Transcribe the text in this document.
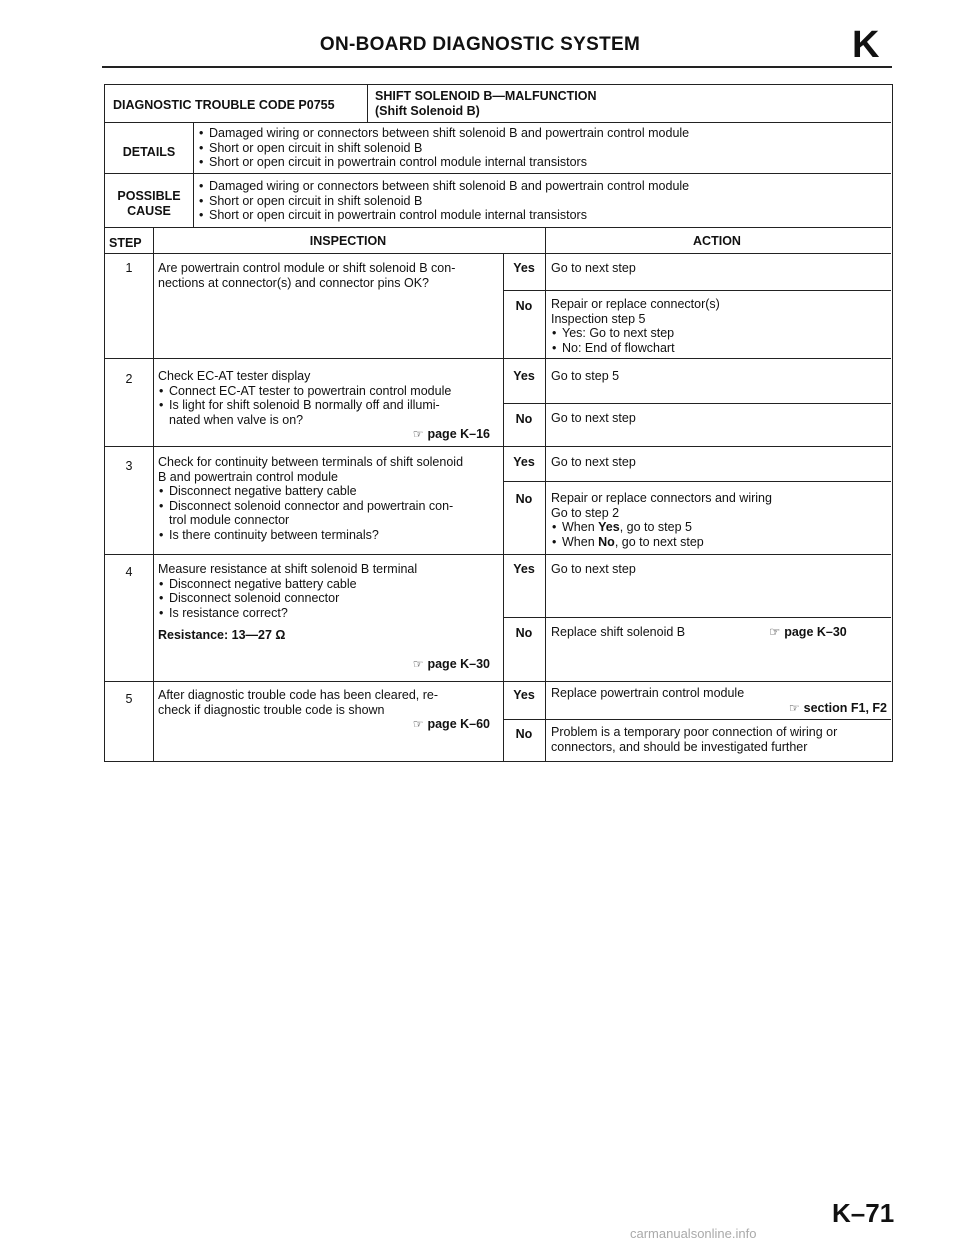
ON-BOARD DIAGNOSTIC SYSTEM	K
DIAGNOSTIC TROUBLE CODE P0755
SHIFT SOLENOID B—MALFUNCTION
(Shift Solenoid B)
DETAILS
• Damaged wiring or connectors between shift solenoid B and powertrain control module
• Short or open circuit in shift solenoid B
• Short or open circuit in powertrain control module internal transistors
POSSIBLE
CAUSE
• Damaged wiring or connectors between shift solenoid B and powertrain control module
• Short or open circuit in shift solenoid B
• Short or open circuit in powertrain control module internal transistors
STEP	INSPECTION	ACTION
1	Are powertrain control module or shift solenoid B con-
nections at connector(s) and connector pins OK?
Yes	Go to next step
No	Repair or replace connector(s)
Inspection step 5
• Yes: Go to next step
• No: End of flowchart
2	Check EC-AT tester display
• Connect EC-AT tester to powertrain control module
• Is light for shift solenoid B normally off and illumi-
nated when valve is on?
☞ page K–16
Yes	Go to step 5
No	Go to next step
3	Check for continuity between terminals of shift solenoid
B and powertrain control module
• Disconnect negative battery cable
• Disconnect solenoid connector and powertrain con-
trol module connector
• Is there continuity between terminals?
Yes	Go to next step
No	Repair or replace connectors and wiring
Go to step 2
• When Yes, go to step 5
• When No, go to next step
4	Measure resistance at shift solenoid B terminal
• Disconnect negative battery cable
• Disconnect solenoid connector
• Is resistance correct?
Resistance: 13—27 Ω
☞ page K–30
Yes	Go to next step
No	Replace shift solenoid B	☞ page K–30
5	After diagnostic trouble code has been cleared, re-
check if diagnostic trouble code is shown
☞ page K–60
Yes	Replace powertrain control module
☞ section F1, F2
No	Problem is a temporary poor connection of wiring or
connectors, and should be investigated further
K–71
carmanualsonline.info
